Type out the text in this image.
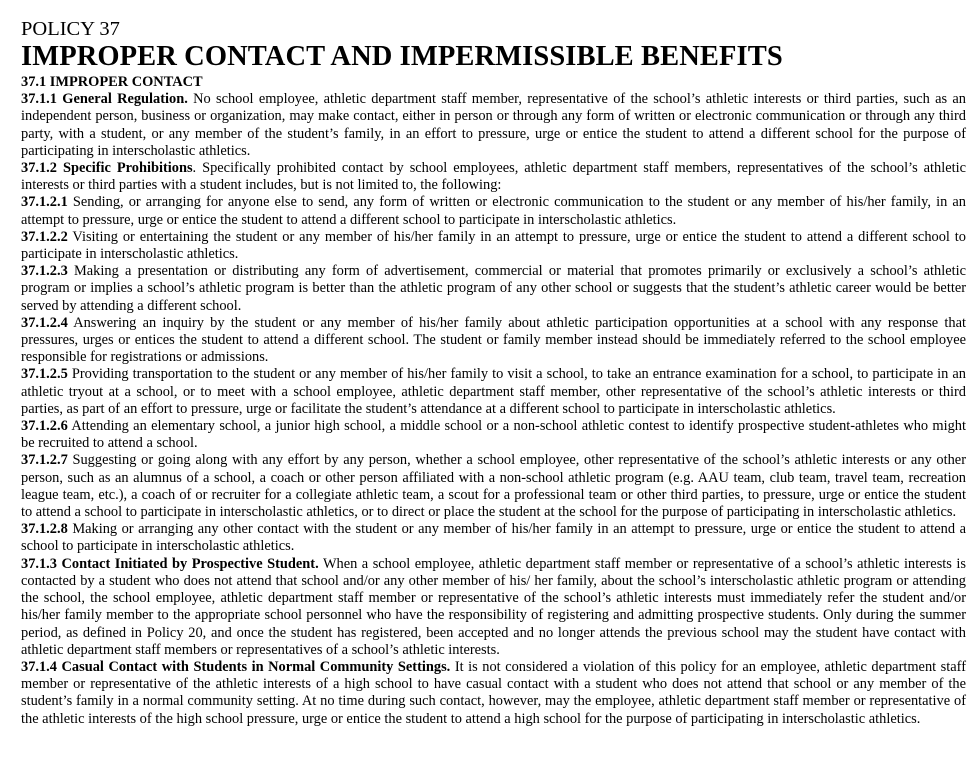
POLICY 37

IMPROPER CONTACT AND IMPERMISSIBLE BENEFITS

37.1 IMPROPER CONTACT

37.1.1 General Regulation. No school employee, athletic department staff member, representative of the school’s athletic interests or third parties, such as an independent person, business or organization, may make contact, either in person or through any form of written or electronic communication or through any third party, with a student, or any member of the student’s family, in an effort to pressure, urge or entice the student to attend a different school for the purpose of participating in interscholastic athletics.

37.1.2 Specific Prohibitions. Specifically prohibited contact by school employees, athletic department staff members, representatives of the school’s athletic interests or third parties with a student includes, but is not limited to, the following:

37.1.2.1 Sending, or arranging for anyone else to send, any form of written or electronic communication to the student or any member of his/her family, in an attempt to pressure, urge or entice the student to attend a different school to participate in interscholastic athletics.

37.1.2.2 Visiting or entertaining the student or any member of his/her family in an attempt to pressure, urge or entice the student to attend a different school to participate in interscholastic athletics.

37.1.2.3 Making a presentation or distributing any form of advertisement, commercial or material that promotes primarily or exclusively a school’s athletic program or implies a school’s athletic program is better than the athletic program of any other school or suggests that the student’s athletic career would be better served by attending a different school.

37.1.2.4 Answering an inquiry by the student or any member of his/her family about athletic participation opportunities at a school with any response that pressures, urges or entices the student to attend a different school. The student or family member instead should be immediately referred to the school employee responsible for registrations or admissions.

37.1.2.5 Providing transportation to the student or any member of his/her family to visit a school, to take an entrance examination for a school, to participate in an athletic tryout at a school, or to meet with a school employee, athletic department staff member, other representative of the school’s athletic interests or third parties, as part of an effort to pressure, urge or facilitate the student’s attendance at a different school to participate in interscholastic athletics.

37.1.2.6 Attending an elementary school, a junior high school, a middle school or a non-school athletic contest to identify prospective student-athletes who might be recruited to attend a school.

37.1.2.7 Suggesting or going along with any effort by any person, whether a school employee, other representative of the school’s athletic interests or any other person, such as an alumnus of a school, a coach or other person affiliated with a non-school athletic program (e.g. AAU team, club team, travel team, recreation league team, etc.), a coach of or recruiter for a collegiate athletic team, a scout for a professional team or other third parties, to pressure, urge or entice the student to attend a school to participate in interscholastic athletics, or to direct or place the student at the school for the purpose of participating in interscholastic athletics.

37.1.2.8 Making or arranging any other contact with the student or any member of his/her family in an attempt to pressure, urge or entice the student to attend a school to participate in interscholastic athletics.

37.1.3 Contact Initiated by Prospective Student. When a school employee, athletic department staff member or representative of a school’s athletic interests is contacted by a student who does not attend that school and/or any other member of his/ her family, about the school’s interscholastic athletic program or attending the school, the school employee, athletic department staff member or representative of the school’s athletic interests must immediately refer the student and/or his/her family member to the appropriate school personnel who have the responsibility of registering and admitting prospective students. Only during the summer period, as defined in Policy 20, and once the student has registered, been accepted and no longer attends the previous school may the student have contact with athletic department staff members or representatives of a school’s athletic interests.

37.1.4 Casual Contact with Students in Normal Community Settings. It is not considered a violation of this policy for an employee, athletic department staff member or representative of the athletic interests of a high school to have casual contact with a student who does not attend that school or any member of the student’s family in a normal community setting. At no time during such contact, however, may the employee, athletic department staff member or representative of the athletic interests of the high school pressure, urge or entice the student to attend a high school for the purpose of participating in interscholastic athletics.
